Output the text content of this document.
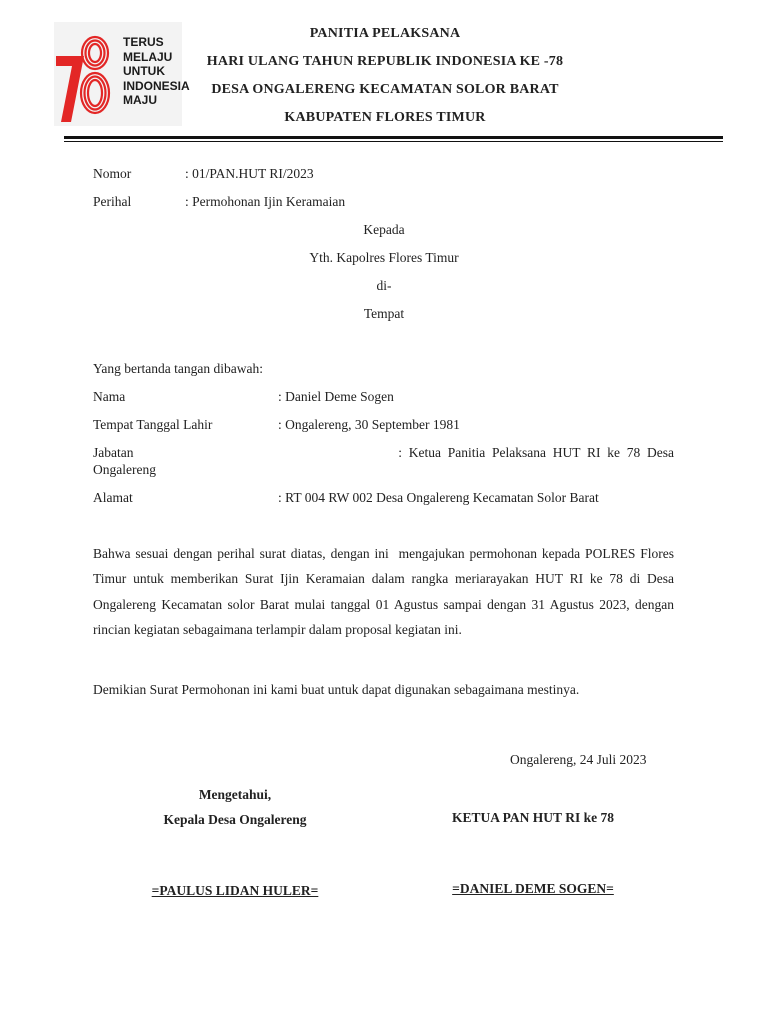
TERUS
MELAJU
UNTUK
INDONESIA
MAJU
PANITIA PELAKSANA
HARI ULANG TAHUN REPUBLIK INDONESIA KE -78
DESA ONGALERENG KECAMATAN SOLOR BARAT
KABUPATEN FLORES TIMUR
Nomor	: 01/PAN.HUT RI/2023
Perihal	: Permohonan Ijin Keramaian
Kepada
Yth. Kapolres Flores Timur
di-
Tempat
Yang bertanda tangan dibawah:
Nama	: Daniel Deme Sogen
Tempat Tanggal Lahir	: Ongalereng, 30 September 1981
Jabatan	:  Ketua  Panitia  Pelaksana  HUT  RI  ke  78  Desa
Ongalereng
Alamat	: RT 004 RW 002 Desa Ongalereng Kecamatan Solor Barat
Bahwa sesuai dengan perihal surat diatas, dengan ini  mengajukan permohonan kepada POLRES Flores Timur untuk memberikan Surat Ijin Keramaian dalam rangka meriarayakan HUT RI ke 78 di Desa Ongalereng Kecamatan solor Barat mulai tanggal 01 Agustus sampai dengan 31 Agustus 2023, dengan rincian kegiatan sebagaimana terlampir dalam proposal kegiatan ini.
Demikian Surat Permohonan ini kami buat untuk dapat digunakan sebagaimana mestinya.
Ongalereng, 24 Juli 2023
Mengetahui,
Kepala Desa Ongalereng	KETUA PAN HUT RI ke 78
=PAULUS LIDAN HULER=	=DANIEL DEME SOGEN=
